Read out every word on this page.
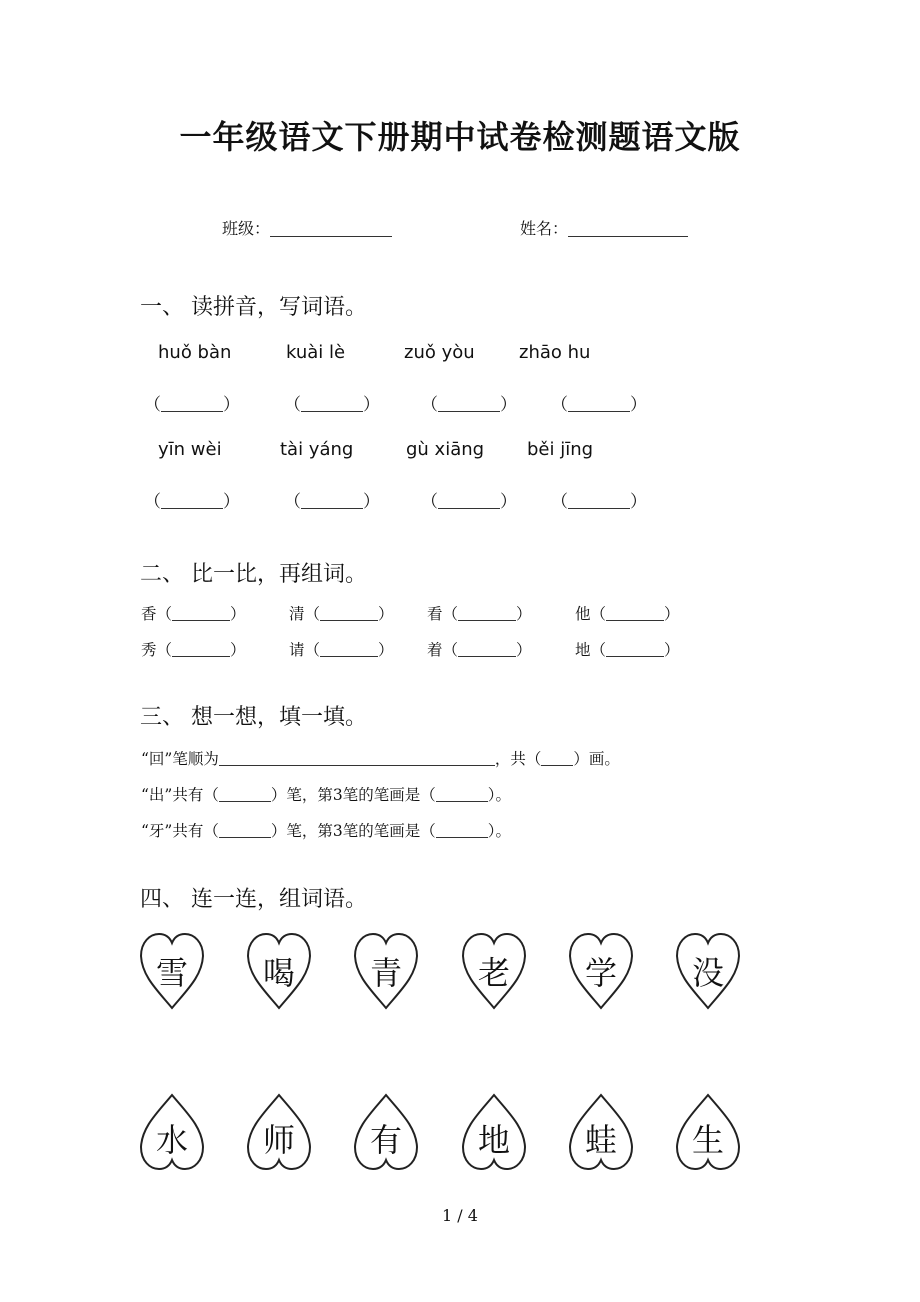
一年级语文下册期中试卷检测题语文版
班级：	姓名：
一、 读拼音，写词语。
huǒ bàn	kuài lè	zuǒ yòu zhāo hu
（	）	（	） （	） （	）
yīn wèi	tài yáng	gù xiāng běi jīng
（	）	（	） （	） （	）
二、 比一比，再组词。
香（	）	清（	） 看（	）	他（	）
秀（	）	请（	） 着（	）	地（	）
三、 想一想，填一填。
“回”笔顺为	，共（ ）画。
“出”共有（	）笔，第3笔的笔画是（	）。
“牙”共有（	）笔，第3笔的笔画是（	）。
四、 连一连，组词语。
雪	喝	青	老	学	没
水	师	有	地	蛙	生
1 / 4
